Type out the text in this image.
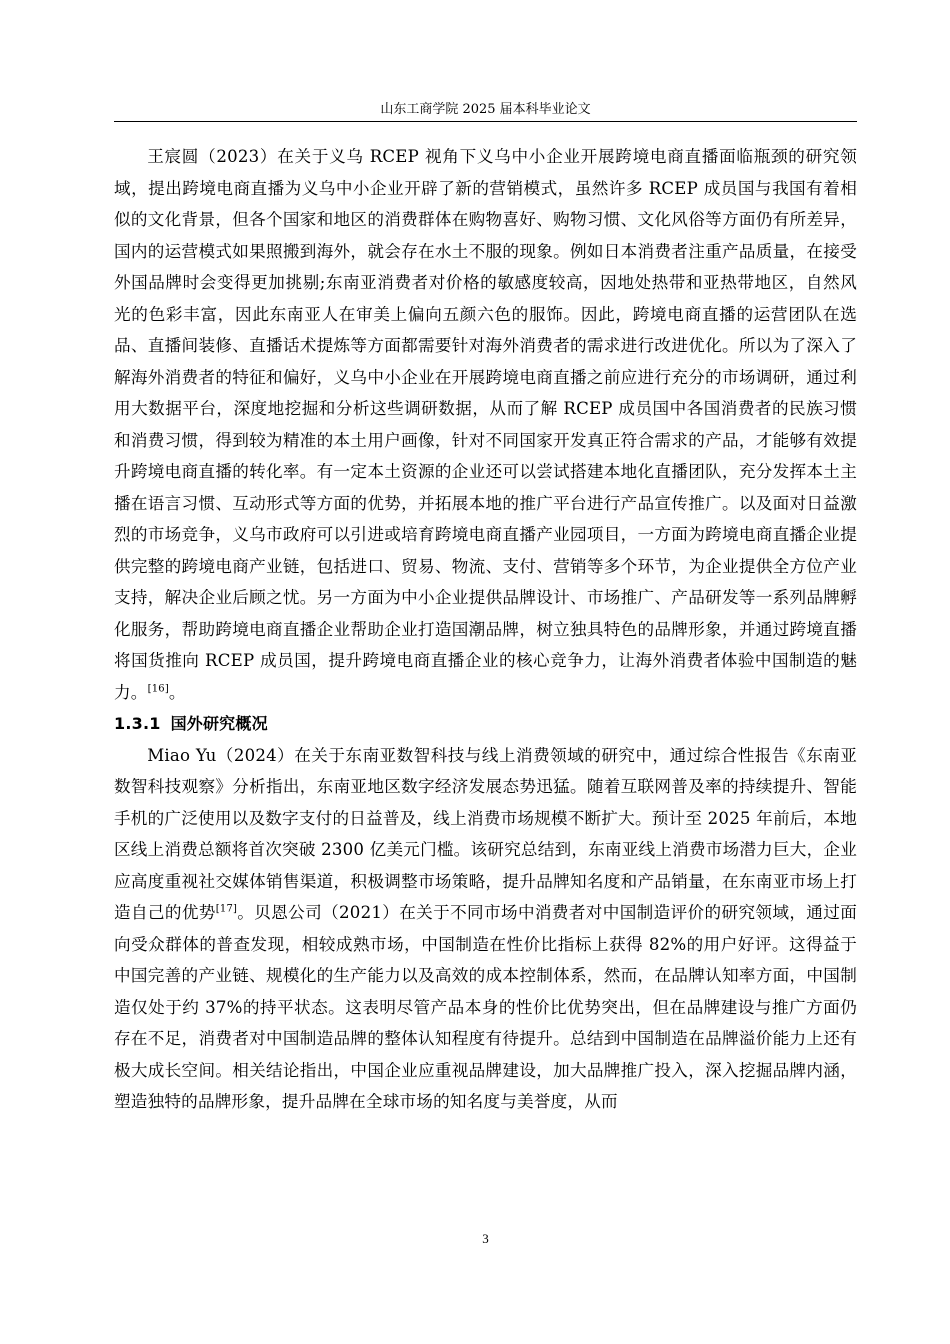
山东工商学院 2025 届本科毕业论文

王宸圆（2023）在关于义乌 RCEP 视角下义乌中小企业开展跨境电商直播面临瓶颈的研究领域，提出跨境电商直播为义乌中小企业开辟了新的营销模式，虽然许多 RCEP 成员国与我国有着相似的文化背景，但各个国家和地区的消费群体在购物喜好、购物习惯、文化风俗等方面仍有所差异，国内的运营模式如果照搬到海外，就会存在水土不服的现象。例如日本消费者注重产品质量，在接受外国品牌时会变得更加挑剔;东南亚消费者对价格的敏感度较高，因地处热带和亚热带地区，自然风光的色彩丰富，因此东南亚人在审美上偏向五颜六色的服饰。因此，跨境电商直播的运营团队在选品、直播间装修、直播话术提炼等方面都需要针对海外消费者的需求进行改进优化。所以为了深入了解海外消费者的特征和偏好，义乌中小企业在开展跨境电商直播之前应进行充分的市场调研，通过利用大数据平台，深度地挖掘和分析这些调研数据，从而了解 RCEP 成员国中各国消费者的民族习惯和消费习惯，得到较为精准的本土用户画像，针对不同国家开发真正符合需求的产品，才能够有效提升跨境电商直播的转化率。有一定本土资源的企业还可以尝试搭建本地化直播团队，充分发挥本土主播在语言习惯、互动形式等方面的优势，并拓展本地的推广平台进行产品宣传推广。以及面对日益激烈的市场竞争，义乌市政府可以引进或培育跨境电商直播产业园项目，一方面为跨境电商直播企业提供完整的跨境电商产业链，包括进口、贸易、物流、支付、营销等多个环节，为企业提供全方位产业支持，解决企业后顾之忧。另一方面为中小企业提供品牌设计、市场推广、产品研发等一系列品牌孵化服务，帮助跨境电商直播企业帮助企业打造国潮品牌，树立独具特色的品牌形象，并通过跨境直播将国货推向 RCEP 成员国，提升跨境电商直播企业的核心竞争力，让海外消费者体验中国制造的魅力。[16]。

1.3.1 国外研究概况

Miao Yu（2024）在关于东南亚数智科技与线上消费领域的研究中，通过综合性报告《东南亚数智科技观察》分析指出，东南亚地区数字经济发展态势迅猛。随着互联网普及率的持续提升、智能手机的广泛使用以及数字支付的日益普及，线上消费市场规模不断扩大。预计至 2025 年前后，本地区线上消费总额将首次突破 2300 亿美元门槛。该研究总结到，东南亚线上消费市场潜力巨大，企业应高度重视社交媒体销售渠道，积极调整市场策略，提升品牌知名度和产品销量，在东南亚市场上打造自己的优势[17]。贝恩公司（2021）在关于不同市场中消费者对中国制造评价的研究领域，通过面向受众群体的普查发现，相较成熟市场，中国制造在性价比指标上获得 82%的用户好评。这得益于中国完善的产业链、规模化的生产能力以及高效的成本控制体系，然而，在品牌认知率方面，中国制造仅处于约 37%的持平状态。这表明尽管产品本身的性价比优势突出，但在品牌建设与推广方面仍存在不足，消费者对中国制造品牌的整体认知程度有待提升。总结到中国制造在品牌溢价能力上还有极大成长空间。相关结论指出，中国企业应重视品牌建设，加大品牌推广投入，深入挖掘品牌内涵，塑造独特的品牌形象，提升品牌在全球市场的知名度与美誉度，从而

3
